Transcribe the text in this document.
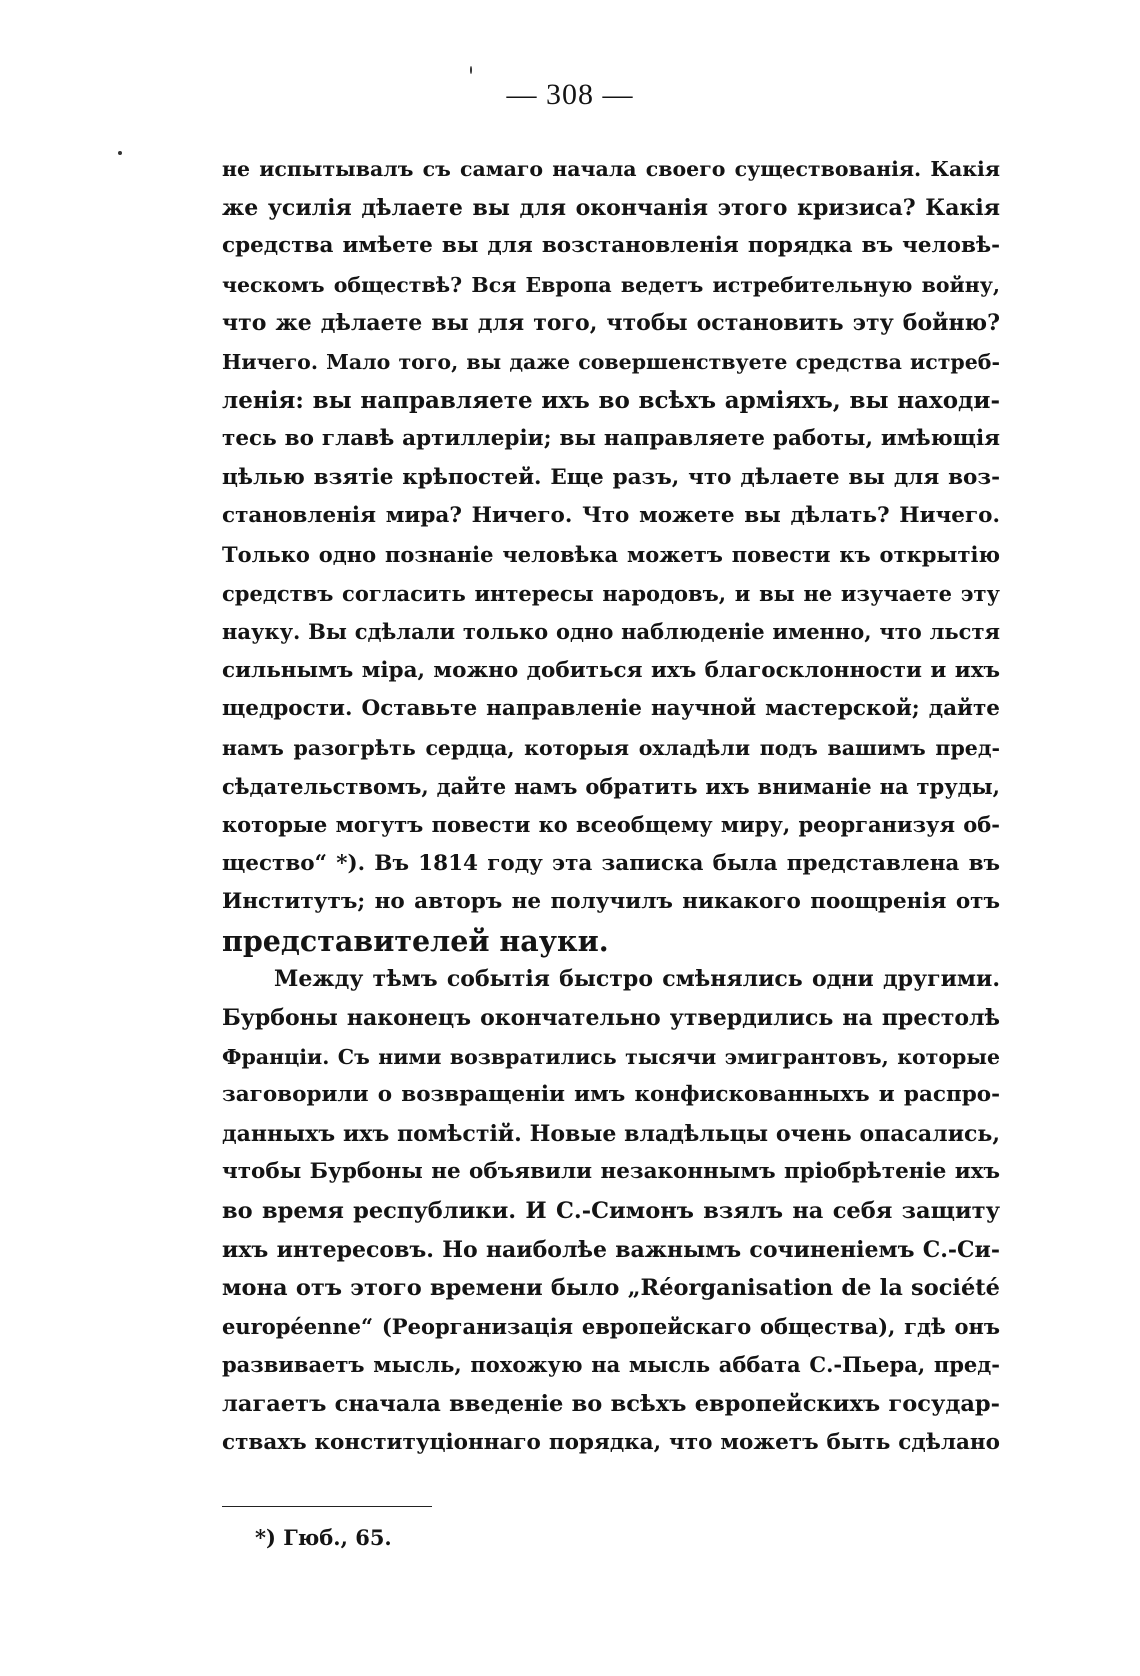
— 308 —
не испытывалъ съ самаго начала своего существованія. Какія
же усилія дѣлаете вы для окончанія этого кризиса? Какія
средства имѣете вы для возстановленія порядка въ человѣ-
ческомъ обществѣ? Вся Европа ведетъ истребительную войну,
что же дѣлаете вы для того, чтобы остановить эту бойню?
Ничего. Мало того, вы даже совершенствуете средства истреб-
ленія: вы направляете ихъ во всѣхъ арміяхъ, вы находи-
тесь во главѣ артиллеріи; вы направляете работы, имѣющія
цѣлью взятіе крѣпостей. Еще разъ, что дѣлаете вы для воз-
становленія мира? Ничего. Что можете вы дѣлать? Ничего.
Только одно познаніе человѣка можетъ повести къ открытію
средствъ согласить интересы народовъ, и вы не изучаете эту
науку. Вы сдѣлали только одно наблюденіе именно, что льстя
сильнымъ міра, можно добиться ихъ благосклонности и ихъ
щедрости. Оставьте направленіе научной мастерской; дайте
намъ разогрѣть сердца, которыя охладѣли подъ вашимъ пред-
сѣдательствомъ, дайте намъ обратить ихъ вниманіе на труды,
которые могутъ повести ко всеобщему миру, реорганизуя об-
щество“ *). Въ 1814 году эта записка была представлена въ
Институтъ; но авторъ не получилъ никакого поощренія отъ
представителей науки.
Между тѣмъ событія быстро смѣнялись одни другими.
Бурбоны наконецъ окончательно утвердились на престолѣ
Франціи. Съ ними возвратились тысячи эмигрантовъ, которые
заговорили о возвращеніи имъ конфискованныхъ и распро-
данныхъ ихъ помѣстій. Новые владѣльцы очень опасались,
чтобы Бурбоны не объявили незаконнымъ пріобрѣтеніе ихъ
во время республики. И С.-Симонъ взялъ на себя защиту
ихъ интересовъ. Но наиболѣе важнымъ сочиненіемъ С.-Си-
мона отъ этого времени было „Réorganisation de la société
européenne“ (Реорганизація европейскаго общества), гдѣ онъ
развиваетъ мысль, похожую на мысль аббата С.-Пьера, пред-
лагаетъ сначала введеніе во всѣхъ европейскихъ государ-
ствахъ конституціоннаго порядка, что можетъ быть сдѣлано
*) Гюб., 65.
